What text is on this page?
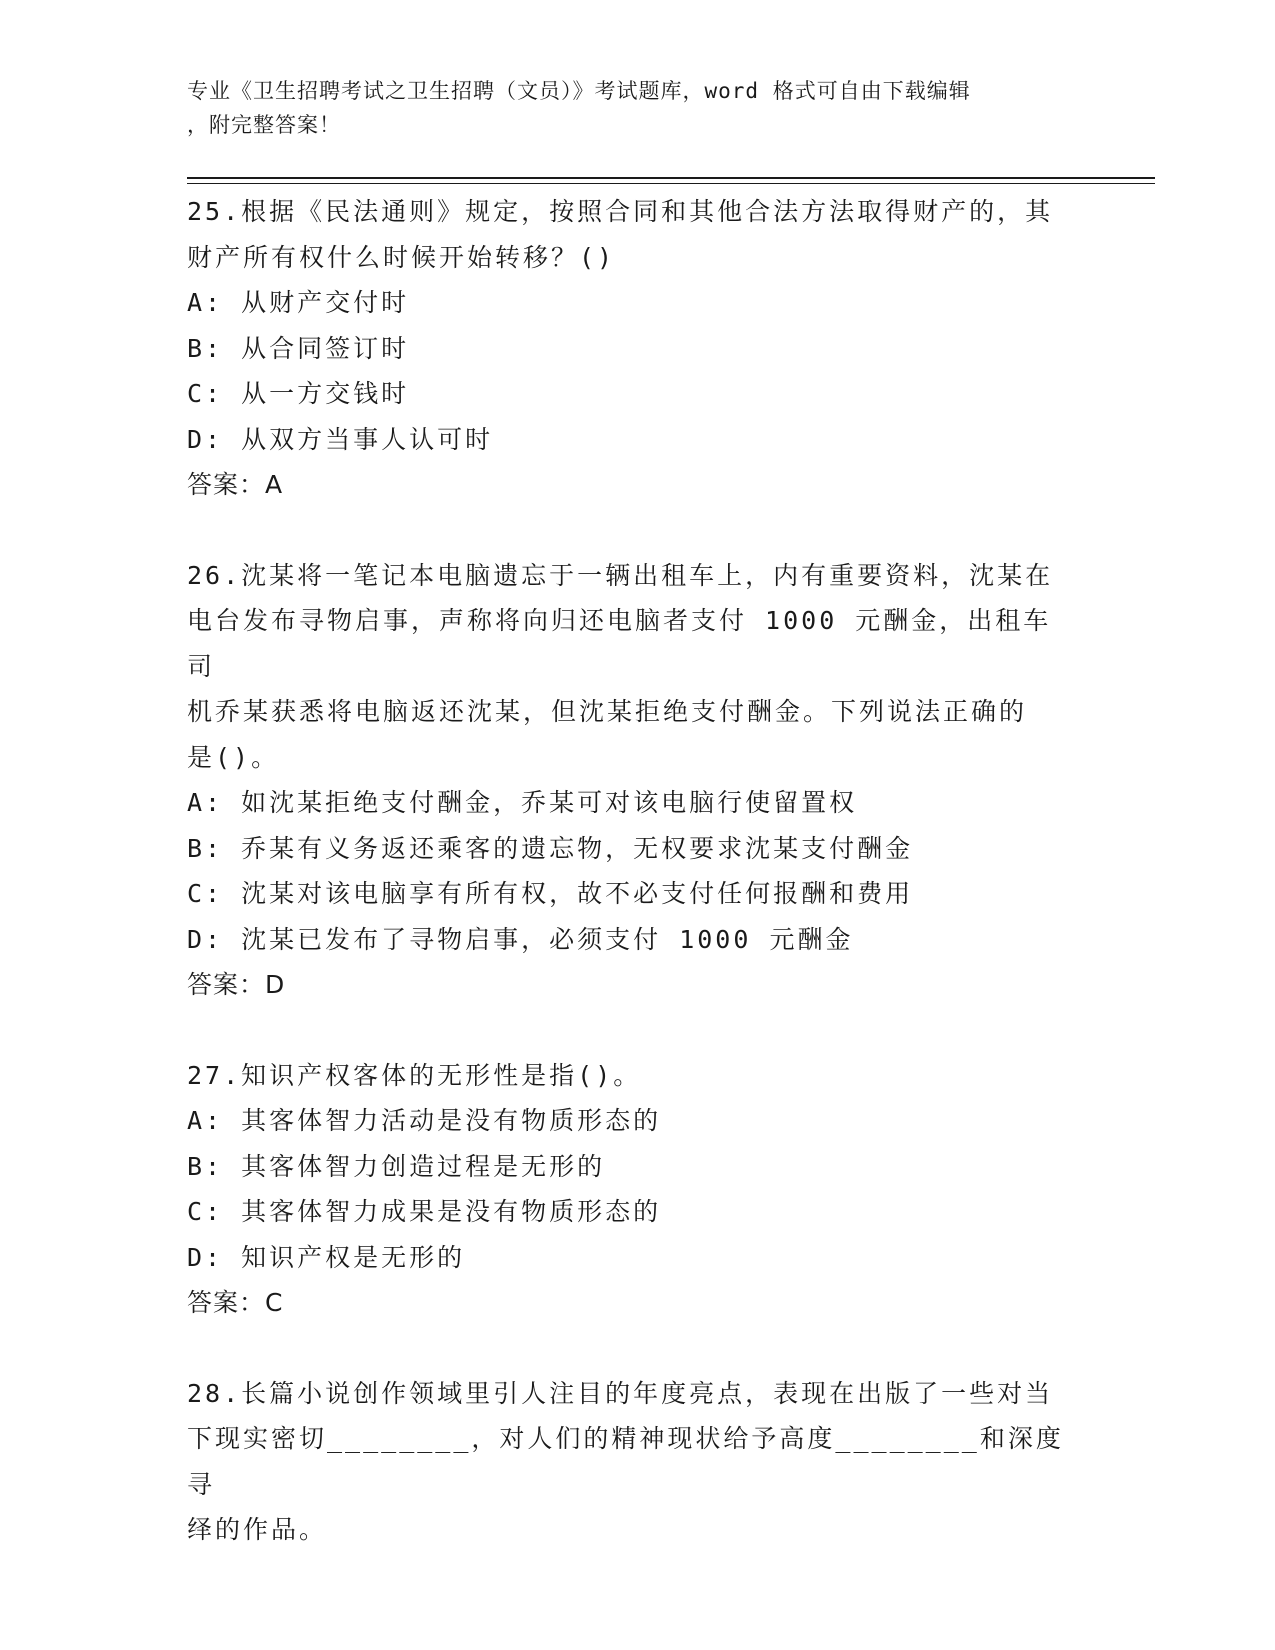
专业《卫生招聘考试之卫生招聘（文员）》考试题库，word 格式可自由下载编辑
，附完整答案！
25.根据《民法通则》规定，按照合同和其他合法方法取得财产的，其
财产所有权什么时候开始转移？()
A: 从财产交付时
B: 从合同签订时
C: 从一方交钱时
D: 从双方当事人认可时
答案：A
26.沈某将一笔记本电脑遗忘于一辆出租车上，内有重要资料，沈某在
电台发布寻物启事，声称将向归还电脑者支付 1000 元酬金，出租车司
机乔某获悉将电脑返还沈某，但沈某拒绝支付酬金。下列说法正确的
是()。
A: 如沈某拒绝支付酬金，乔某可对该电脑行使留置权
B: 乔某有义务返还乘客的遗忘物，无权要求沈某支付酬金
C: 沈某对该电脑享有所有权，故不必支付任何报酬和费用
D: 沈某已发布了寻物启事，必须支付 1000 元酬金
答案：D
27.知识产权客体的无形性是指()。
A: 其客体智力活动是没有物质形态的
B: 其客体智力创造过程是无形的
C: 其客体智力成果是没有物质形态的
D: 知识产权是无形的
答案：C
28.长篇小说创作领域里引人注目的年度亮点，表现在出版了一些对当
下现实密切________，对人们的精神现状给予高度________和深度寻
绎的作品。
